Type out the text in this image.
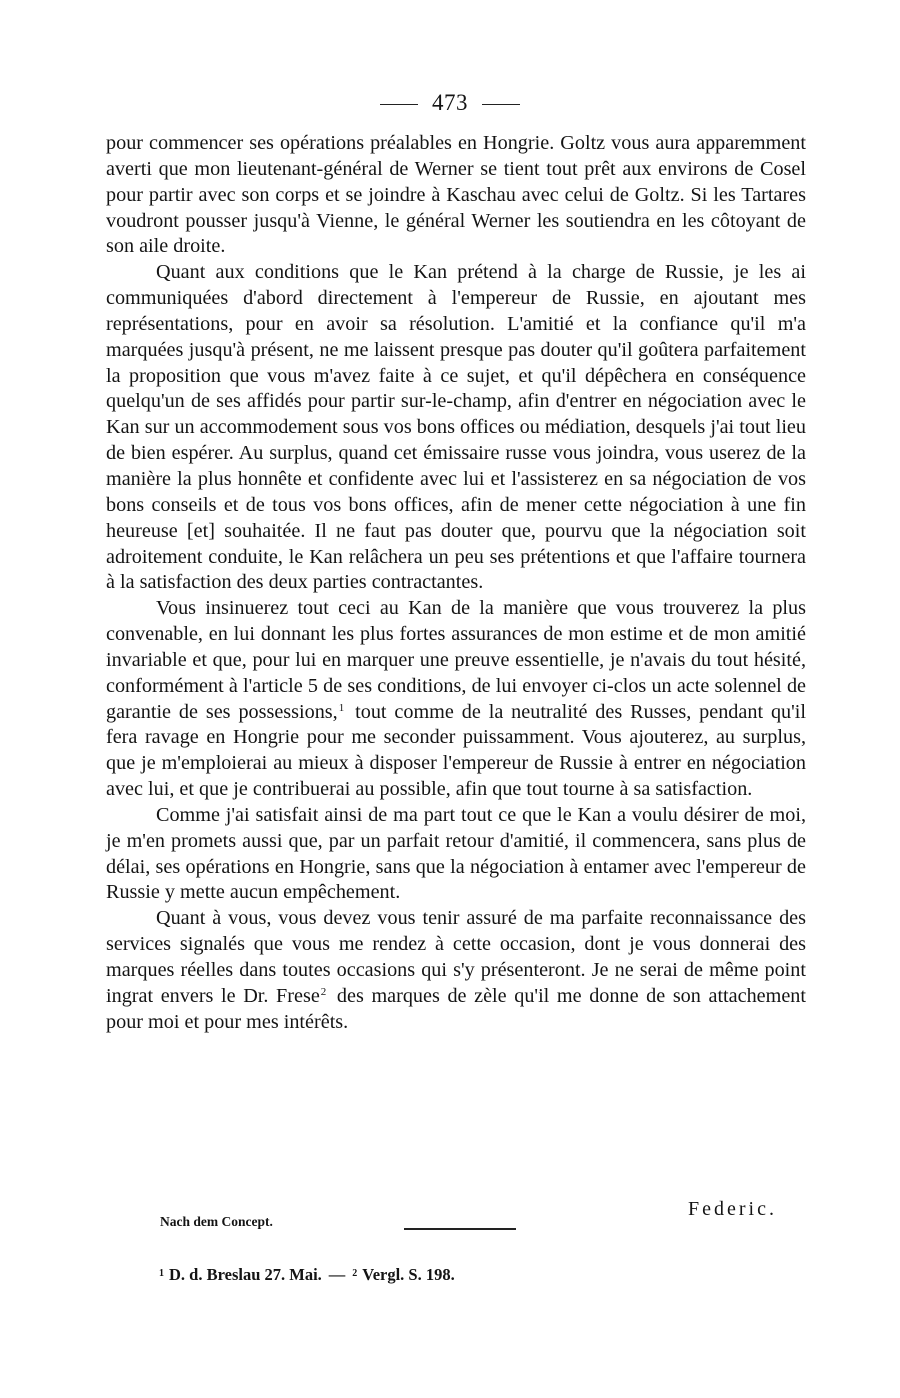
473

pour commencer ses opérations préalables en Hongrie. Goltz vous aura apparemment averti que mon lieutenant-général de Werner se tient tout prêt aux environs de Cosel pour partir avec son corps et se joindre à Kaschau avec celui de Goltz. Si les Tartares voudront pousser jusqu'à Vienne, le général Werner les soutiendra en les côtoyant de son aile droite.

Quant aux conditions que le Kan prétend à la charge de Russie, je les ai communiquées d'abord directement à l'empereur de Russie, en ajoutant mes représentations, pour en avoir sa résolution. L'amitié et la confiance qu'il m'a marquées jusqu'à présent, ne me laissent presque pas douter qu'il goûtera parfaitement la proposition que vous m'avez faite à ce sujet, et qu'il dépêchera en conséquence quelqu'un de ses affidés pour partir sur-le-champ, afin d'entrer en négociation avec le Kan sur un accommodement sous vos bons offices ou médiation, desquels j'ai tout lieu de bien espérer. Au surplus, quand cet émissaire russe vous joindra, vous userez de la manière la plus honnête et confidente avec lui et l'assisterez en sa négociation de vos bons conseils et de tous vos bons offices, afin de mener cette négociation à une fin heureuse [et] souhaitée. Il ne faut pas douter que, pourvu que la négociation soit adroitement conduite, le Kan relâchera un peu ses prétentions et que l'affaire tournera à la satisfaction des deux parties contractantes.

Vous insinuerez tout ceci au Kan de la manière que vous trouverez la plus convenable, en lui donnant les plus fortes assurances de mon estime et de mon amitié invariable et que, pour lui en marquer une preuve essentielle, je n'avais du tout hésité, conformément à l'article 5 de ses conditions, de lui envoyer ci-clos un acte solennel de garantie de ses possessions,$^1$ tout comme de la neutralité des Russes, pendant qu'il fera ravage en Hongrie pour me seconder puissamment. Vous ajouterez, au surplus, que je m'emploierai au mieux à disposer l'empereur de Russie à entrer en négociation avec lui, et que je contribuerai au possible, afin que tout tourne à sa satisfaction.

Comme j'ai satisfait ainsi de ma part tout ce que le Kan a voulu désirer de moi, je m'en promets aussi que, par un parfait retour d'amitié, il commencera, sans plus de délai, ses opérations en Hongrie, sans que la négociation à entamer avec l'empereur de Russie y mette aucun empêchement.

Quant à vous, vous devez vous tenir assuré de ma parfaite reconnaissance des services signalés que vous me rendez à cette occasion, dont je vous donnerai des marques réelles dans toutes occasions qui s'y présenteront. Je ne serai de même point ingrat envers le Dr. Frese$^2$ des marques de zèle qu'il me donne de son attachement pour moi et pour mes intérêts.

Federic.
Nach dem Concept.
$^1$ D. d. Breslau 27. Mai. — $^2$ Vergl. S. 198.
